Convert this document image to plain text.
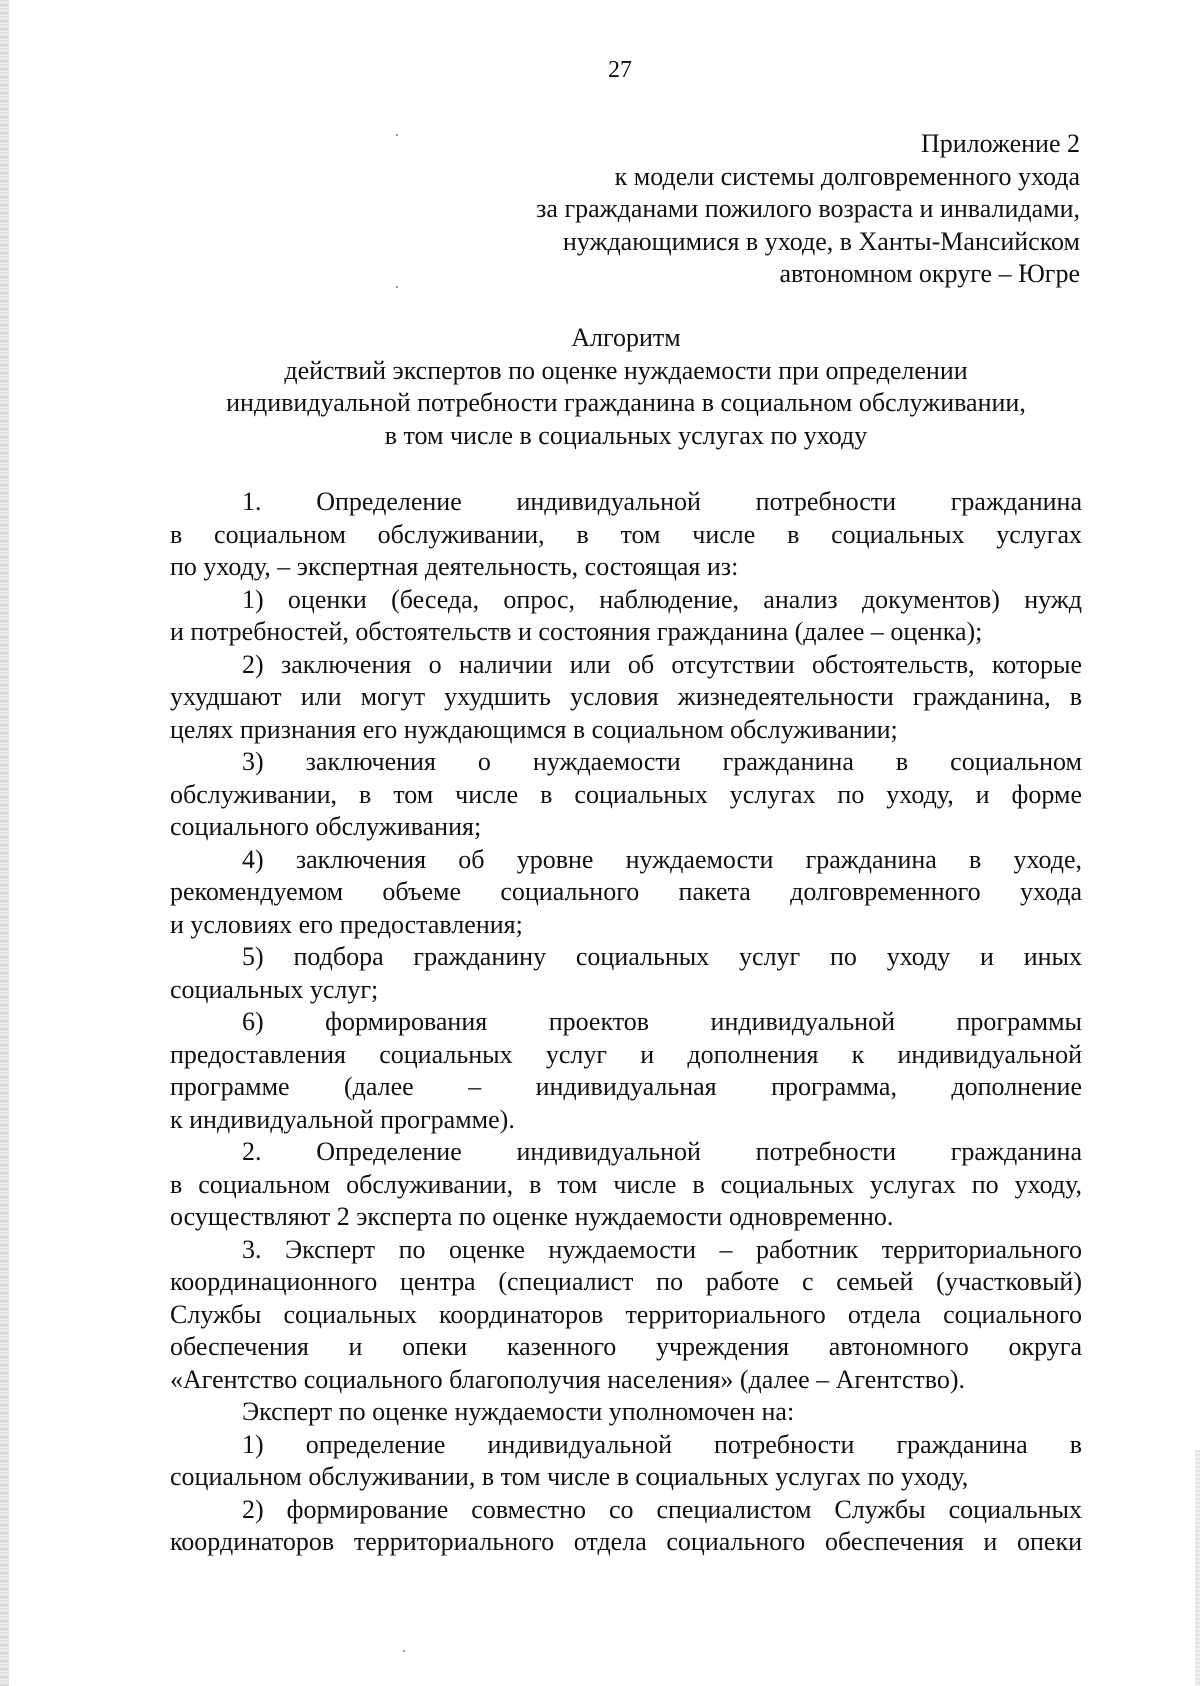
27
Приложение 2
к модели системы долговременного ухода
за гражданами пожилого возраста и инвалидами,
нуждающимися в уходе, в Ханты-Мансийском
автономном округе – Югре
Алгоритм
действий экспертов по оценке нуждаемости при определении
индивидуальной потребности гражданина в социальном обслуживании,
в том числе в социальных услугах по уходу
1. Определение индивидуальной потребности гражданина
в социальном обслуживании, в том числе в социальных услугах
по уходу, – экспертная деятельность, состоящая из:
1) оценки (беседа, опрос, наблюдение, анализ документов) нужд
и потребностей, обстоятельств и состояния гражданина (далее – оценка);
2) заключения о наличии или об отсутствии обстоятельств, которые
ухудшают или могут ухудшить условия жизнедеятельности гражданина, в
целях признания его нуждающимся в социальном обслуживании;
3) заключения о нуждаемости гражданина в социальном
обслуживании, в том числе в социальных услугах по уходу, и форме
социального обслуживания;
4) заключения об уровне нуждаемости гражданина в уходе,
рекомендуемом объеме социального пакета долговременного ухода
и условиях его предоставления;
5) подбора гражданину социальных услуг по уходу и иных
социальных услуг;
6) формирования проектов индивидуальной программы
предоставления социальных услуг и дополнения к индивидуальной
программе (далее – индивидуальная программа, дополнение
к индивидуальной программе).
2. Определение индивидуальной потребности гражданина
в социальном обслуживании, в том числе в социальных услугах по уходу,
осуществляют 2 эксперта по оценке нуждаемости одновременно.
3. Эксперт по оценке нуждаемости – работник территориального
координационного центра (специалист по работе с семьей (участковый)
Службы социальных координаторов территориального отдела социального
обеспечения и опеки казенного учреждения автономного округа
«Агентство социального благополучия населения» (далее – Агентство).
Эксперт по оценке нуждаемости уполномочен на:
1) определение индивидуальной потребности гражданина в
социальном обслуживании, в том числе в социальных услугах по уходу,
2) формирование совместно со специалистом Службы социальных
координаторов территориального отдела социального обеспечения и опеки
